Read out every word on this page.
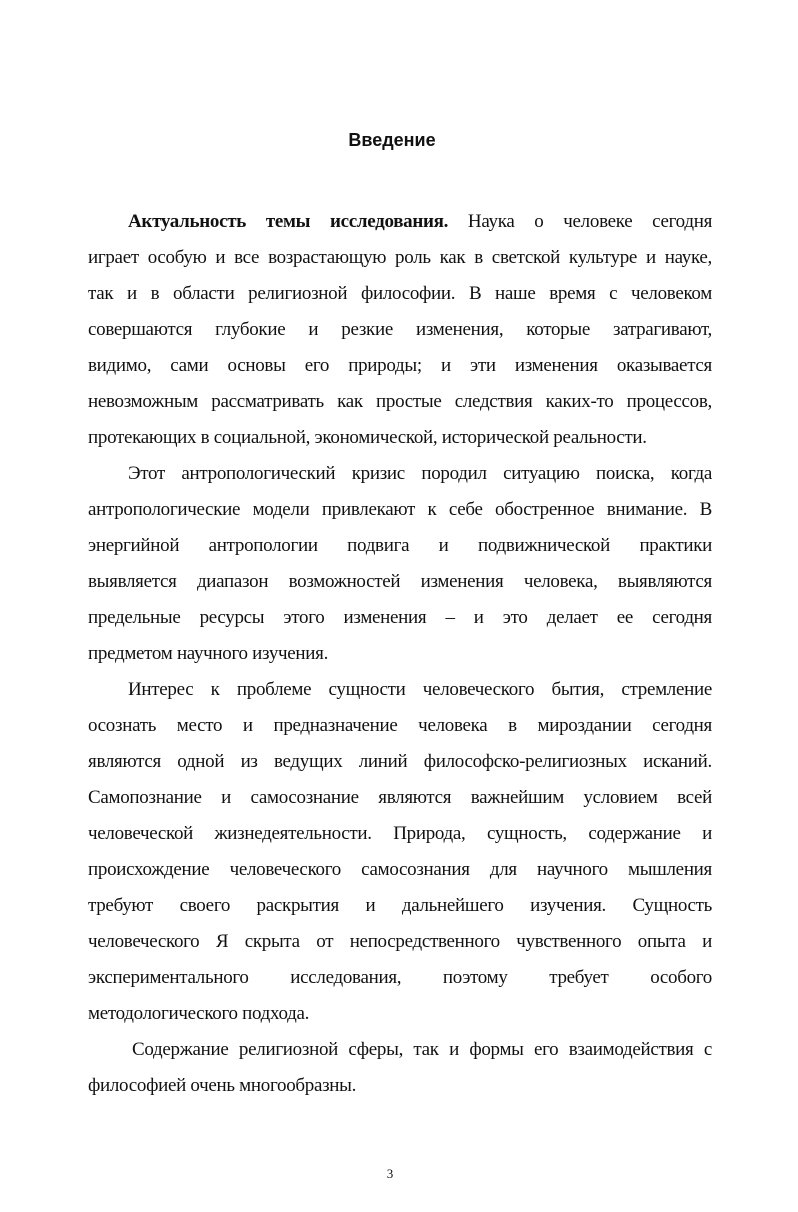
Введение
Актуальность темы исследования. Наука о человеке сегодня
играет особую и все возрастающую роль как в светской культуре и науке,
так и в области религиозной философии. В наше время с человеком
совершаются глубокие и резкие изменения, которые затрагивают,
видимо, сами основы его природы; и эти изменения оказывается
невозможным рассматривать как простые следствия каких-то процессов,
протекающих в социальной, экономической, исторической реальности.
Этот антропологический кризис породил ситуацию поиска, когда
антропологические модели привлекают к себе обостренное внимание. В
энергийной антропологии подвига и подвижнической практики
выявляется диапазон возможностей изменения человека, выявляются
предельные ресурсы этого изменения – и это делает ее сегодня
предметом научного изучения.
Интерес к проблеме сущности человеческого бытия, стремление
осознать место и предназначение человека в мироздании сегодня
являются одной из ведущих линий философско-религиозных исканий.
Самопознание и самосознание являются важнейшим условием всей
человеческой жизнедеятельности. Природа, сущность, содержание и
происхождение человеческого самосознания для научного мышления
требуют своего раскрытия и дальнейшего изучения. Сущность
человеческого Я скрыта от непосредственного чувственного опыта и
экспериментального исследования, поэтому требует особого
методологического подхода.
Содержание религиозной сферы, так и формы его взаимодействия с
философией очень многообразны.
3
